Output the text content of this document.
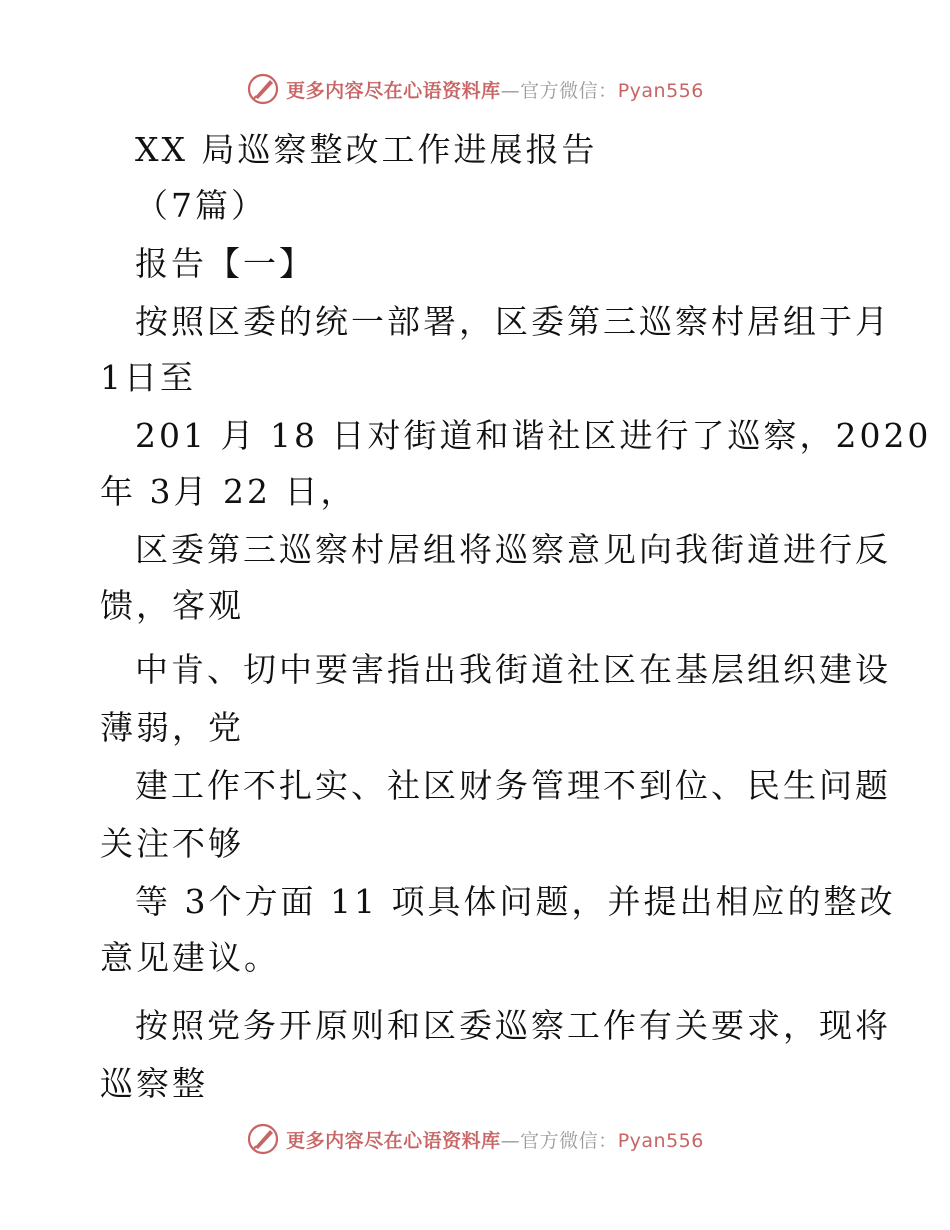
更多内容尽在心语资料库—官方微信：Pyan556
XX 局巡察整改工作进展报告
（7篇）
报告【一】
按照区委的统一部署，区委第三巡察村居组于月
1日至
201 月 18 日对街道和谐社区进行了巡察，2020
年 3月 22 日，
区委第三巡察村居组将巡察意见向我街道进行反
馈，客观
中肯、切中要害指出我街道社区在基层组织建设
薄弱，党
建工作不扎实、社区财务管理不到位、民生问题
关注不够
等 3个方面 11 项具体问题，并提出相应的整改
意见建议。
按照党务开原则和区委巡察工作有关要求，现将
巡察整
更多内容尽在心语资料库—官方微信：Pyan556
